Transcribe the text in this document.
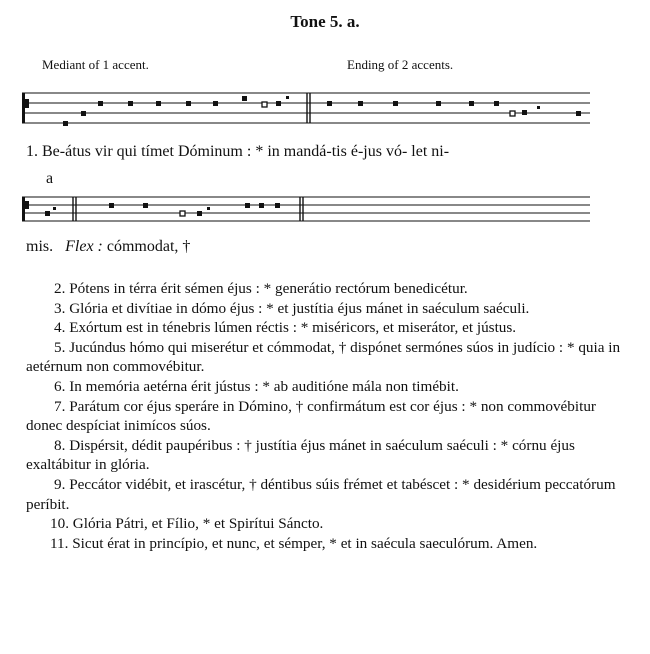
Tone 5. a.
Mediant of 1 accent.	Ending of 2 accents.
1. Be-átus vir qui tímet Dóminum : * in mandá-tis é-jus vó- let ni-
a
mis. Flex : cómmodat, †

2. Pótens in térra érit sémen éjus : * generátio rectórum benedicétur.

3. Glória et divítiae in dómo éjus : * et justítia éjus mánet in saéculum saéculi.

4. Exórtum est in ténebris lúmen réctis : * miséricors, et miserátor, et jústus.

5. Jucúndus hómo qui miserétur et cómmodat, † dispónet sermónes súos in judício : * quia in aetérnum non commovébitur.

6. In memória aetérna érit jústus : * ab auditióne mála non timébit.

7. Parátum cor éjus speráre in Dómino, † confirmátum est cor éjus : * non commovébitur donec despíciat inimícos súos.

8. Dispérsit, dédit paupéribus : † justítia éjus mánet in saéculum saéculi : * córnu éjus exaltábitur in glória.

9. Peccátor vidébit, et irascétur, † déntibus súis frémet et tabéscet : * desidérium peccatórum períbit.

10. Glória Pátri, et Fílio, * et Spirítui Sáncto.

11. Sicut érat in princípio, et nunc, et sémper, * et in saécula saeculórum. Amen.
